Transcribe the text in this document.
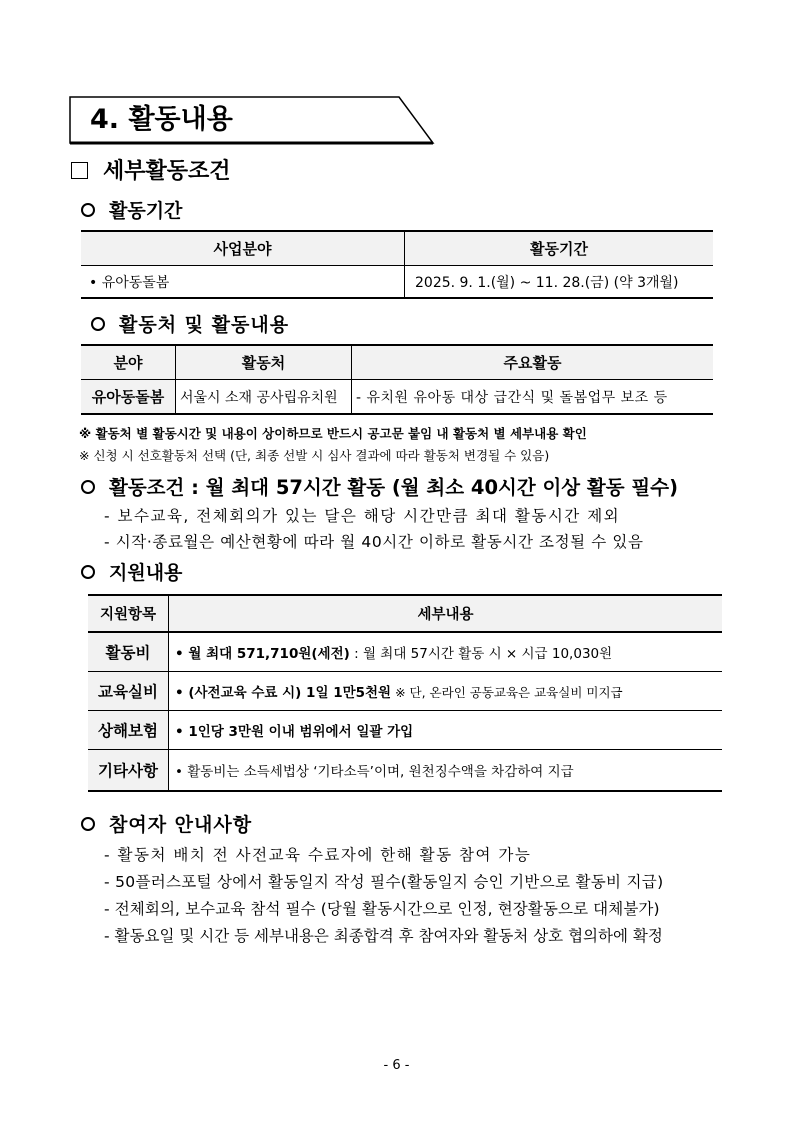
4. 활동내용
세부활동조건
활동기간
사업분야	활동기간
• 유아동돌봄	2025. 9. 1.(월) ~ 11. 28.(금) (약 3개월)
활동처 및 활동내용
분야	활동처	주요활동
유아동돌봄	서울시 소재 공사립유치원	- 유치원 유아동 대상 급간식 및 돌봄업무 보조 등
※ 활동처 별 활동시간 및 내용이 상이하므로 반드시 공고문 붙임 내 활동처 별 세부내용 확인
※ 신청 시 선호활동처 선택 (단, 최종 선발 시 심사 결과에 따라 활동처 변경될 수 있음)
활동조건 : 월 최대 57시간 활동 (월 최소 40시간 이상 활동 필수)
- 보수교육, 전체회의가 있는 달은 해당 시간만큼 최대 활동시간 제외
- 시작·종료월은 예산현황에 따라 월 40시간 이하로 활동시간 조정될 수 있음
지원내용
지원항목	세부내용
활동비	• 월 최대 571,710원(세전) : 월 최대 57시간 활동 시 × 시급 10,030원
교육실비	• (사전교육 수료 시) 1일 1만5천원 ※ 단, 온라인 공동교육은 교육실비 미지급
상해보험	• 1인당 3만원 이내 범위에서 일괄 가입
기타사항	• 활동비는 소득세법상 ‘기타소득’이며, 원천징수액을 차감하여 지급
참여자 안내사항
- 활동처 배치 전 사전교육 수료자에 한해 활동 참여 가능
- 50플러스포털 상에서 활동일지 작성 필수(활동일지 승인 기반으로 활동비 지급)
- 전체회의, 보수교육 참석 필수 (당월 활동시간으로 인정, 현장활동으로 대체불가)
- 활동요일 및 시간 등 세부내용은 최종합격 후 참여자와 활동처 상호 협의하에 확정
- 6 -
